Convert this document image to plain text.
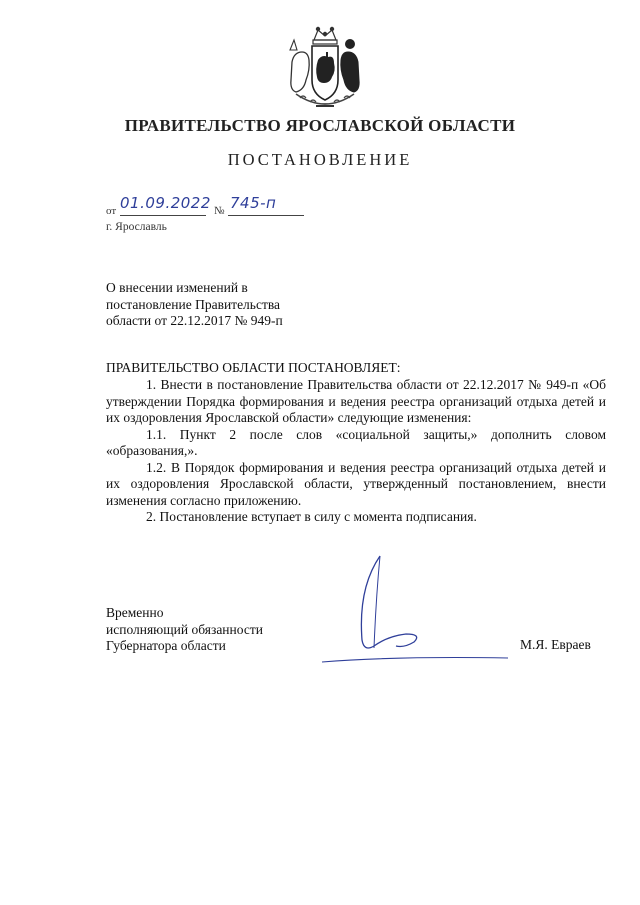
ПРАВИТЕЛЬСТВО ЯРОСЛАВСКОЙ ОБЛАСТИ
ПОСТАНОВЛЕНИЕ
от 01.09.2022 № 745-п
г. Ярославль
О внесении изменений в
постановление Правительства
области от 22.12.2017 № 949-п
ПРАВИТЕЛЬСТВО ОБЛАСТИ ПОСТАНОВЛЯЕТ:

1. Внести в постановление Правительства области от 22.12.2017 № 949-п «Об утверждении Порядка формирования и ведения реестра организаций отдыха детей и их оздоровления Ярославской области» следующие изменения:

1.1. Пункт 2 после слов «социальной защиты,» дополнить словом «образования,».

1.2. В Порядок формирования и ведения реестра организаций отдыха детей и их оздоровления Ярославской области, утвержденный постановлением, внести изменения согласно приложению.

2. Постановление вступает в силу с момента подписания.

Временно
исполняющий обязанности
Губернатора области	М.Я. Евраев
